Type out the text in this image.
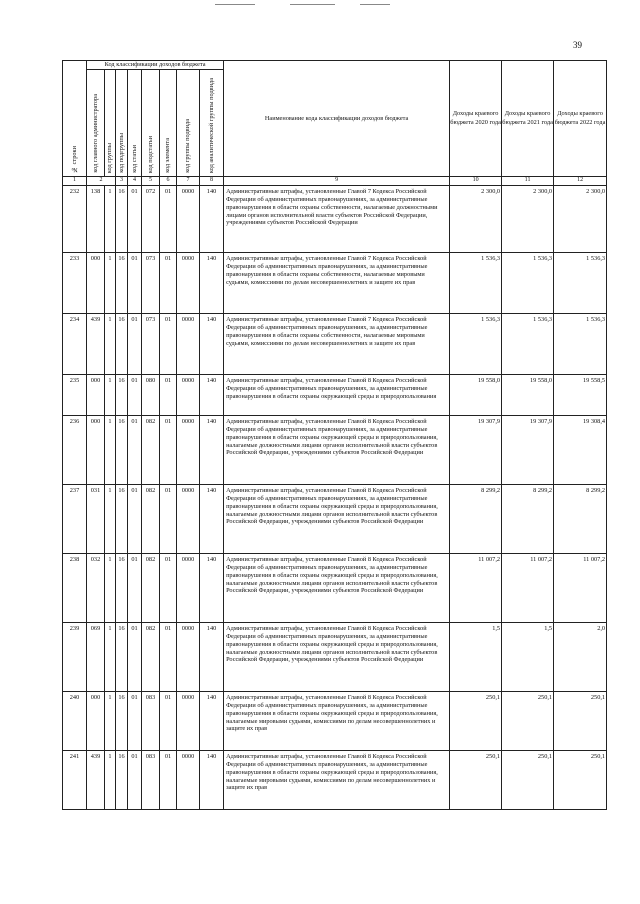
39
№ строки	Код классификации доходов бюджета								Наименование кода классификации доходов бюджета	Доходы краевого бюджета 2020 года	Доходы краевого бюджета 2021 года	Доходы краевого бюджета 2022 года

	код главного администратора	код группы	код подгруппы	код статьи	код подстатьи	код элемента	код группы подвида	код аналитической группы подвида				

1	2		3	4	5	6	7	8	9	10	11	12
232	138	1	16	01	072	01	0000	140	Административные штрафы, установленные Главой 7 Кодекса Российской Федерации об административных правонарушениях, за административные правонарушения в области охраны собственности, налагаемые должностными лицами органов исполнительной власти субъектов Российской Федерации, учреждениями субъектов Российской Федерации	2 300,0	2 300,0	2 300,0
233	000	1	16	01	073	01	0000	140	Административные штрафы, установленные Главой 7 Кодекса Российской Федерации об административных правонарушениях, за административные правонарушения в области охраны собственности, налагаемые мировыми судьями, комиссиями по делам несовершеннолетних и защите их прав	1 536,3	1 536,3	1 536,3
234	439	1	16	01	073	01	0000	140	Административные штрафы, установленные Главой 7 Кодекса Российской Федерации об административных правонарушениях, за административные правонарушения в области охраны собственности, налагаемые мировыми судьями, комиссиями по делам несовершеннолетних и защите их прав	1 536,3	1 536,3	1 536,3
235	000	1	16	01	080	01	0000	140	Административные штрафы, установленные Главой 8 Кодекса Российской Федерации об административных правонарушениях, за административные правонарушения в области охраны окружающей среды и природопользования	19 558,0	19 558,0	19 558,5
236	000	1	16	01	082	01	0000	140	Административные штрафы, установленные Главой 8 Кодекса Российской Федерации об административных правонарушениях, за административные правонарушения в области охраны окружающей среды и природопользования, налагаемые должностными лицами органов исполнительной власти субъектов Российской Федерации, учреждениями субъектов Российской Федерации	19 307,9	19 307,9	19 308,4
237	031	1	16	01	082	01	0000	140	Административные штрафы, установленные Главой 8 Кодекса Российской Федерации об административных правонарушениях, за административные правонарушения в области охраны окружающей среды и природопользования, налагаемые должностными лицами органов исполнительной власти субъектов Российской Федерации, учреждениями субъектов Российской Федерации	8 299,2	8 299,2	8 299,2
238	032	1	16	01	082	01	0000	140	Административные штрафы, установленные Главой 8 Кодекса Российской Федерации об административных правонарушениях, за административные правонарушения в области охраны окружающей среды и природопользования, налагаемые должностными лицами органов исполнительной власти субъектов Российской Федерации, учреждениями субъектов Российской Федерации	11 007,2	11 007,2	11 007,2
239	069	1	16	01	082	01	0000	140	Административные штрафы, установленные Главой 8 Кодекса Российской Федерации об административных правонарушениях, за административные правонарушения в области охраны окружающей среды и природопользования, налагаемые должностными лицами органов исполнительной власти субъектов Российской Федерации, учреждениями субъектов Российской Федерации	1,5	1,5	2,0
240	000	1	16	01	083	01	0000	140	Административные штрафы, установленные Главой 8 Кодекса Российской Федерации об административных правонарушениях, за административные правонарушения в области охраны окружающей среды и природопользования, налагаемые мировыми судьями, комиссиями по делам несовершеннолетних и защите их прав	250,1	250,1	250,1
241	439	1	16	01	083	01	0000	140	Административные штрафы, установленные Главой 8 Кодекса Российской Федерации об административных правонарушениях, за административные правонарушения в области охраны окружающей среды и природопользования, налагаемые мировыми судьями, комиссиями по делам несовершеннолетних и защите их прав	250,1	250,1	250,1
